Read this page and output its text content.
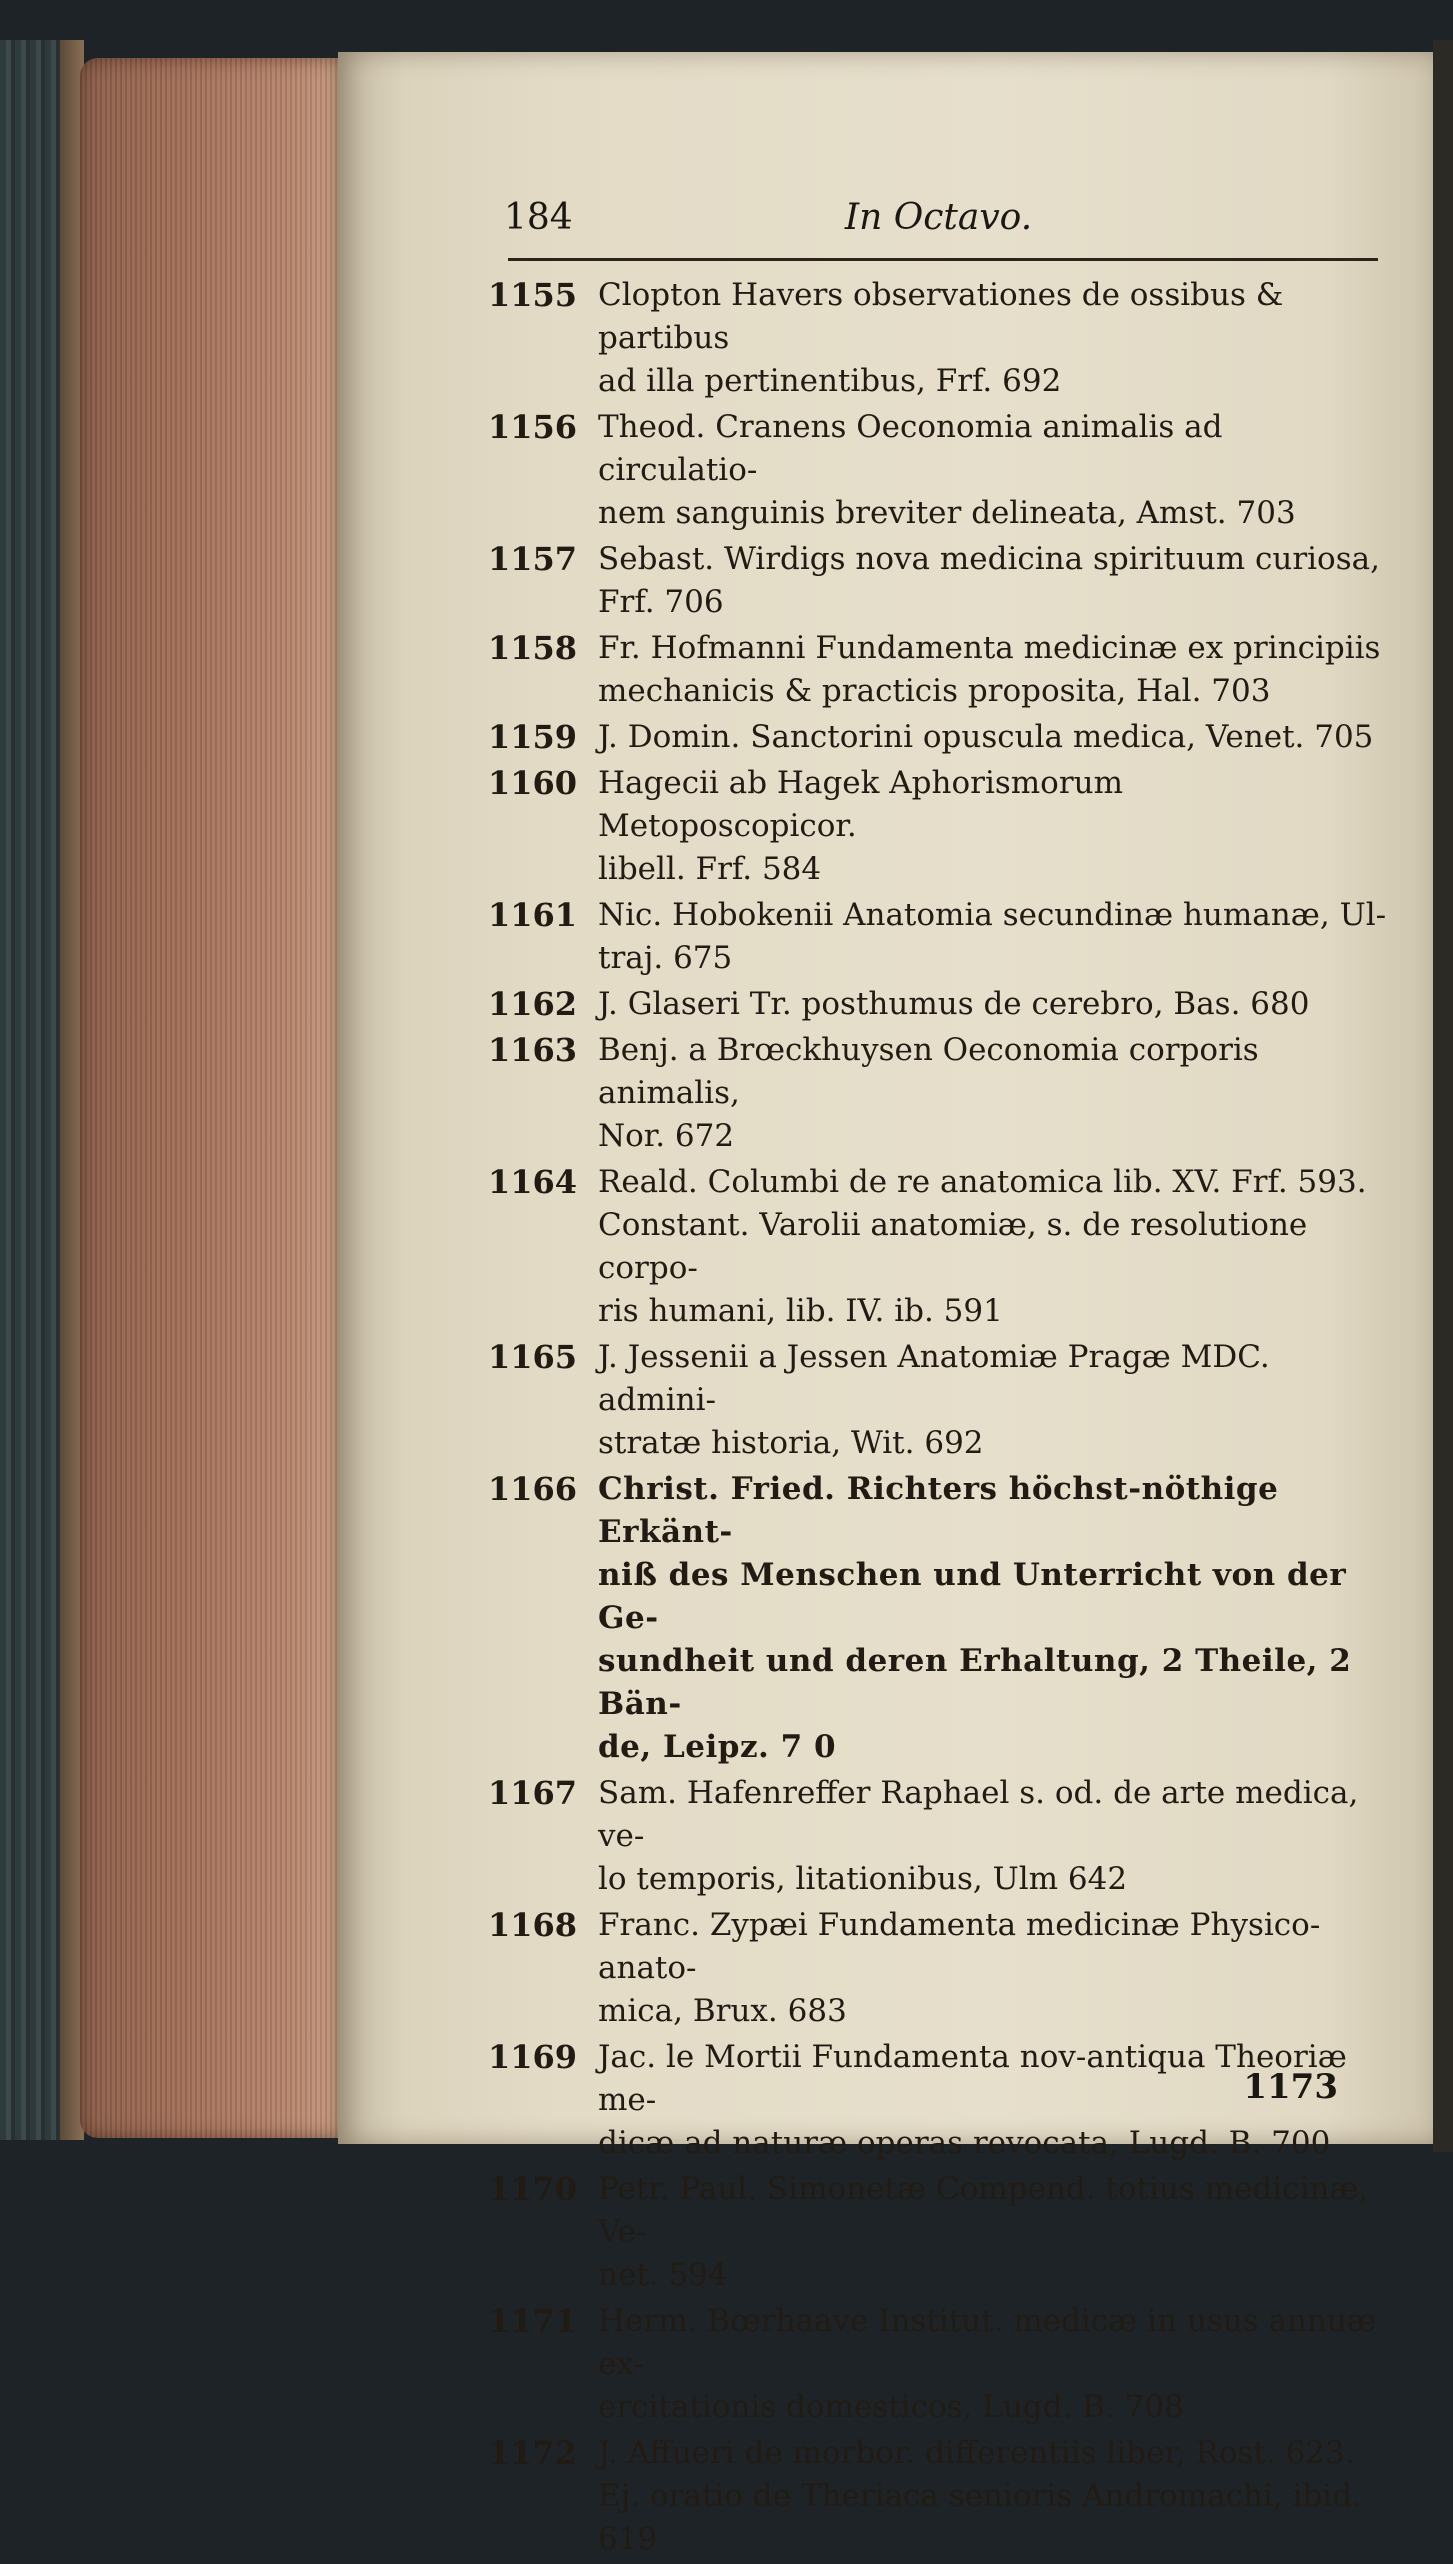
184	In Octavo.
1155 Clopton Havers observationes de ossibus & partibus
ad illa pertinentibus, Frf. 692
1156 Theod. Cranens Oeconomia animalis ad circulatio-
nem sanguinis breviter delineata, Amst. 703
1157 Sebast. Wirdigs nova medicina spirituum curiosa,
Frf. 706
1158 Fr. Hofmanni Fundamenta medicinæ ex principiis
mechanicis & practicis proposita, Hal. 703
1159 J. Domin. Sanctorini opuscula medica, Venet. 705
1160 Hagecii ab Hagek Aphorismorum Metoposcopicor.
libell. Frf. 584
1161 Nic. Hobokenii Anatomia secundinæ humanæ, Ul-
traj. 675
1162 J. Glaseri Tr. posthumus de cerebro, Bas. 680
1163 Benj. a Brœckhuysen Oeconomia corporis animalis,
Nor. 672
1164 Reald. Columbi de re anatomica lib. XV. Frf. 593.
Constant. Varolii anatomiæ, s. de resolutione corpo-
ris humani, lib. IV. ib. 591
1165 J. Jessenii a Jessen Anatomiæ Pragæ MDC. admini-
stratæ historia, Wit. 692
1166 Christ. Fried. Richters höchst-nöthige Erkänt-
niß des Menschen und Unterricht von der Ge-
sundheit und deren Erhaltung, 2 Theile, 2 Bän-
de, Leipz. 7 0
1167 Sam. Hafenreffer Raphael s. od. de arte medica, ve-
lo temporis, litationibus, Ulm 642
1168 Franc. Zypæi Fundamenta medicinæ Physico-anato-
mica, Brux. 683
1169 Jac. le Mortii Fundamenta nov-antiqua Theoriæ me-
dicæ ad naturæ operas revocata, Lugd. B. 700
1170 Petr. Paul. Simonetæ Compend. totius medicinæ, Ve-
net. 594
1171 Herm. Bœrhaave Institut. medicæ in usus annuæ ex-
ercitationis domesticos, Lugd. B. 708
1172 J. Affueri de morbor. differentiis liber, Rost. 623.
Ej. oratio de Theriaca senioris Andromachi, ibid.
619
1173
